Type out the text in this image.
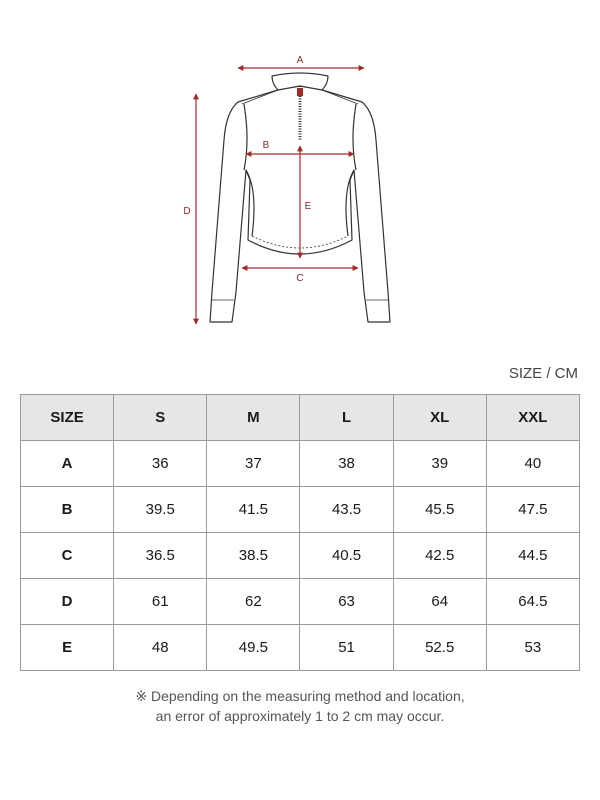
A
B
C
D	E
SIZE / CM
SIZE	S	M	L	XL	XXL
A	36	37	38	39	40
B	39.5	41.5	43.5	45.5	47.5
C	36.5	38.5	40.5	42.5	44.5
D	61	62	63	64	64.5
E	48	49.5	51	52.5	53
※ Depending on the measuring method and location,
an error of approximately 1 to 2 cm may occur.
